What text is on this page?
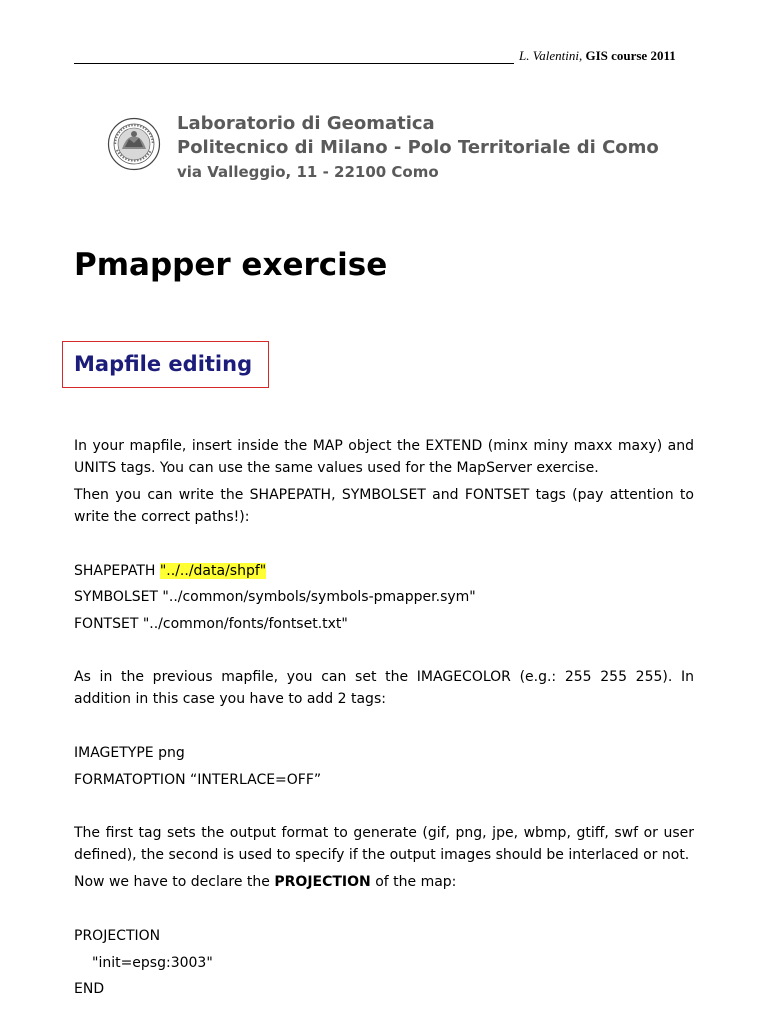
L. Valentini , GIS course 2011
Laboratorio di Geomatica
Politecnico di Milano - Polo Territoriale di Como
via Valleggio, 11 - 22100 Como
Pmapper exercise
Mapfile editing

In your mapfile, insert inside the MAP object the EXTEND (minx miny maxx maxy) and UNITS tags. You can use the same values used for the MapServer exercise.

Then you can write the SHAPEPATH, SYMBOLSET and FONTSET tags (pay attention to write the correct paths!):

SHAPEPATH "../../data/shpf"

SYMBOLSET "../common/symbols/symbols-pmapper.sym"

FONTSET "../common/fonts/fontset.txt"

As in the previous mapfile, you can set the IMAGECOLOR (e.g.: 255 255 255). In addition in this case you have to add 2 tags:

IMAGETYPE png

FORMATOPTION “INTERLACE=OFF”

The first tag sets the output format to generate (gif, png, jpe, wbmp, gtiff, swf or user defined), the second is used to specify if the output images should be interlaced or not.

Now we have to declare the PROJECTION of the map:

PROJECTION

"init=epsg:3003"

END
